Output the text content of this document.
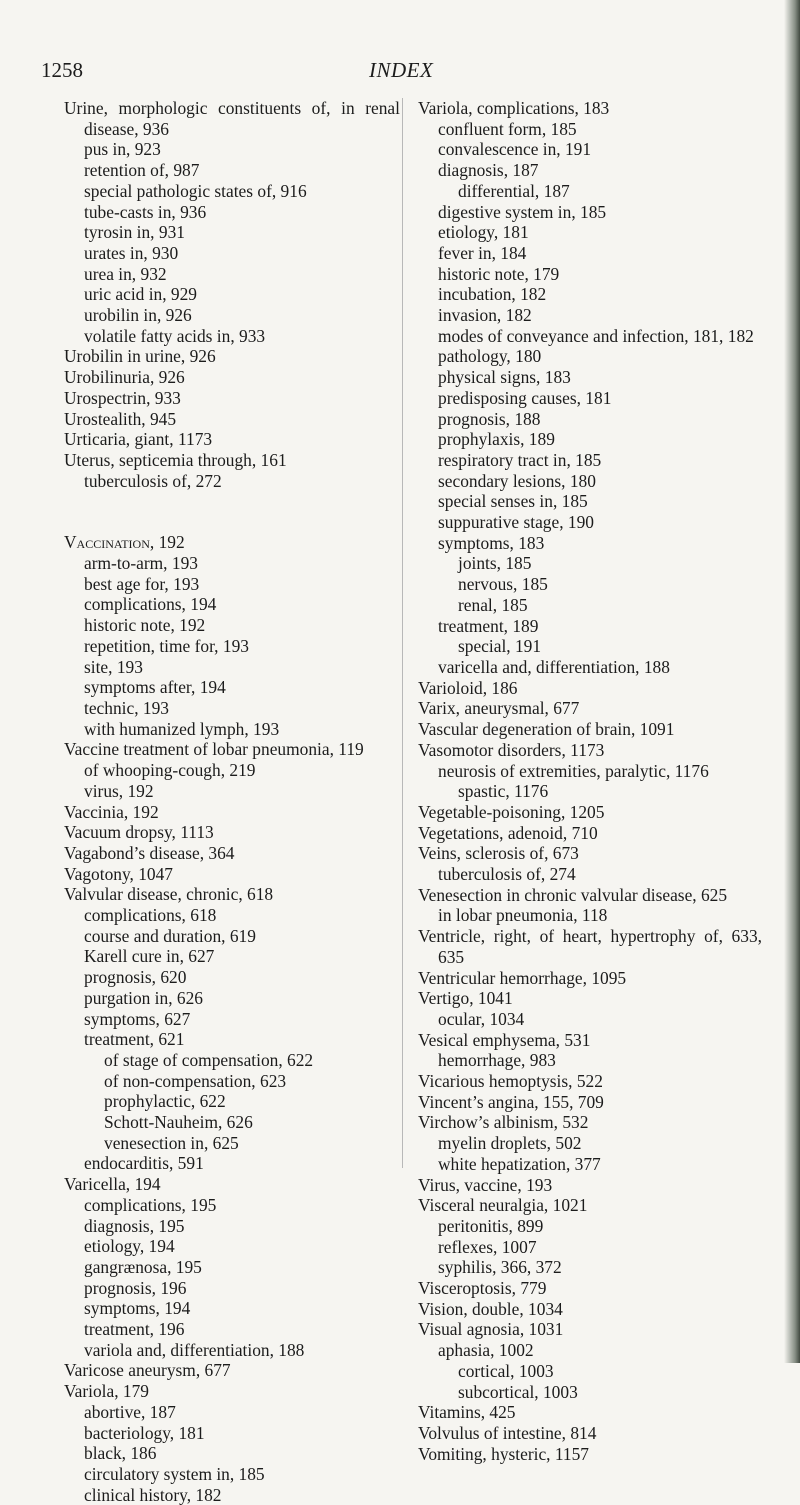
1258	INDEX
Urine, morphologic constituents of, in renal disease, 936
pus in, 923
retention of, 987
special pathologic states of, 916
tube-casts in, 936
tyrosin in, 931
urates in, 930
urea in, 932
uric acid in, 929
urobilin in, 926
volatile fatty acids in, 933
Urobilin in urine, 926
Urobilinuria, 926
Urospectrin, 933
Urostealith, 945
Urticaria, giant, 1173
Uterus, septicemia through, 161
tuberculosis of, 272
Vaccination, 192
arm-to-arm, 193
best age for, 193
complications, 194
historic note, 192
repetition, time for, 193
site, 193
symptoms after, 194
technic, 193
with humanized lymph, 193
Vaccine treatment of lobar pneumonia, 119
of whooping-cough, 219
virus, 192
Vaccinia, 192
Vacuum dropsy, 1113
Vagabond’s disease, 364
Vagotony, 1047
Valvular disease, chronic, 618
complications, 618
course and duration, 619
Karell cure in, 627
prognosis, 620
purgation in, 626
symptoms, 627
treatment, 621
of stage of compensation, 622
of non-compensation, 623
prophylactic, 622
Schott-Nauheim, 626
venesection in, 625
endocarditis, 591
Varicella, 194
complications, 195
diagnosis, 195
etiology, 194
gangrænosa, 195
prognosis, 196
symptoms, 194
treatment, 196
variola and, differentiation, 188
Varicose aneurysm, 677
Variola, 179
abortive, 187
bacteriology, 181
black, 186
circulatory system in, 185
clinical history, 182
Variola, complications, 183
confluent form, 185
convalescence in, 191
diagnosis, 187
differential, 187
digestive system in, 185
etiology, 181
fever in, 184
historic note, 179
incubation, 182
invasion, 182
modes of conveyance and infection, 181, 182
pathology, 180
physical signs, 183
predisposing causes, 181
prognosis, 188
prophylaxis, 189
respiratory tract in, 185
secondary lesions, 180
special senses in, 185
suppurative stage, 190
symptoms, 183
joints, 185
nervous, 185
renal, 185
treatment, 189
special, 191
varicella and, differentiation, 188
Varioloid, 186
Varix, aneurysmal, 677
Vascular degeneration of brain, 1091
Vasomotor disorders, 1173
neurosis of extremities, paralytic, 1176
spastic, 1176
Vegetable-poisoning, 1205
Vegetations, adenoid, 710
Veins, sclerosis of, 673
tuberculosis of, 274
Venesection in chronic valvular disease, 625
in lobar pneumonia, 118
Ventricle, right, of heart, hypertrophy of, 633, 635
Ventricular hemorrhage, 1095
Vertigo, 1041
ocular, 1034
Vesical emphysema, 531
hemorrhage, 983
Vicarious hemoptysis, 522
Vincent’s angina, 155, 709
Virchow’s albinism, 532
myelin droplets, 502
white hepatization, 377
Virus, vaccine, 193
Visceral neuralgia, 1021
peritonitis, 899
reflexes, 1007
syphilis, 366, 372
Visceroptosis, 779
Vision, double, 1034
Visual agnosia, 1031
aphasia, 1002
cortical, 1003
subcortical, 1003
Vitamins, 425
Volvulus of intestine, 814
Vomiting, hysteric, 1157
